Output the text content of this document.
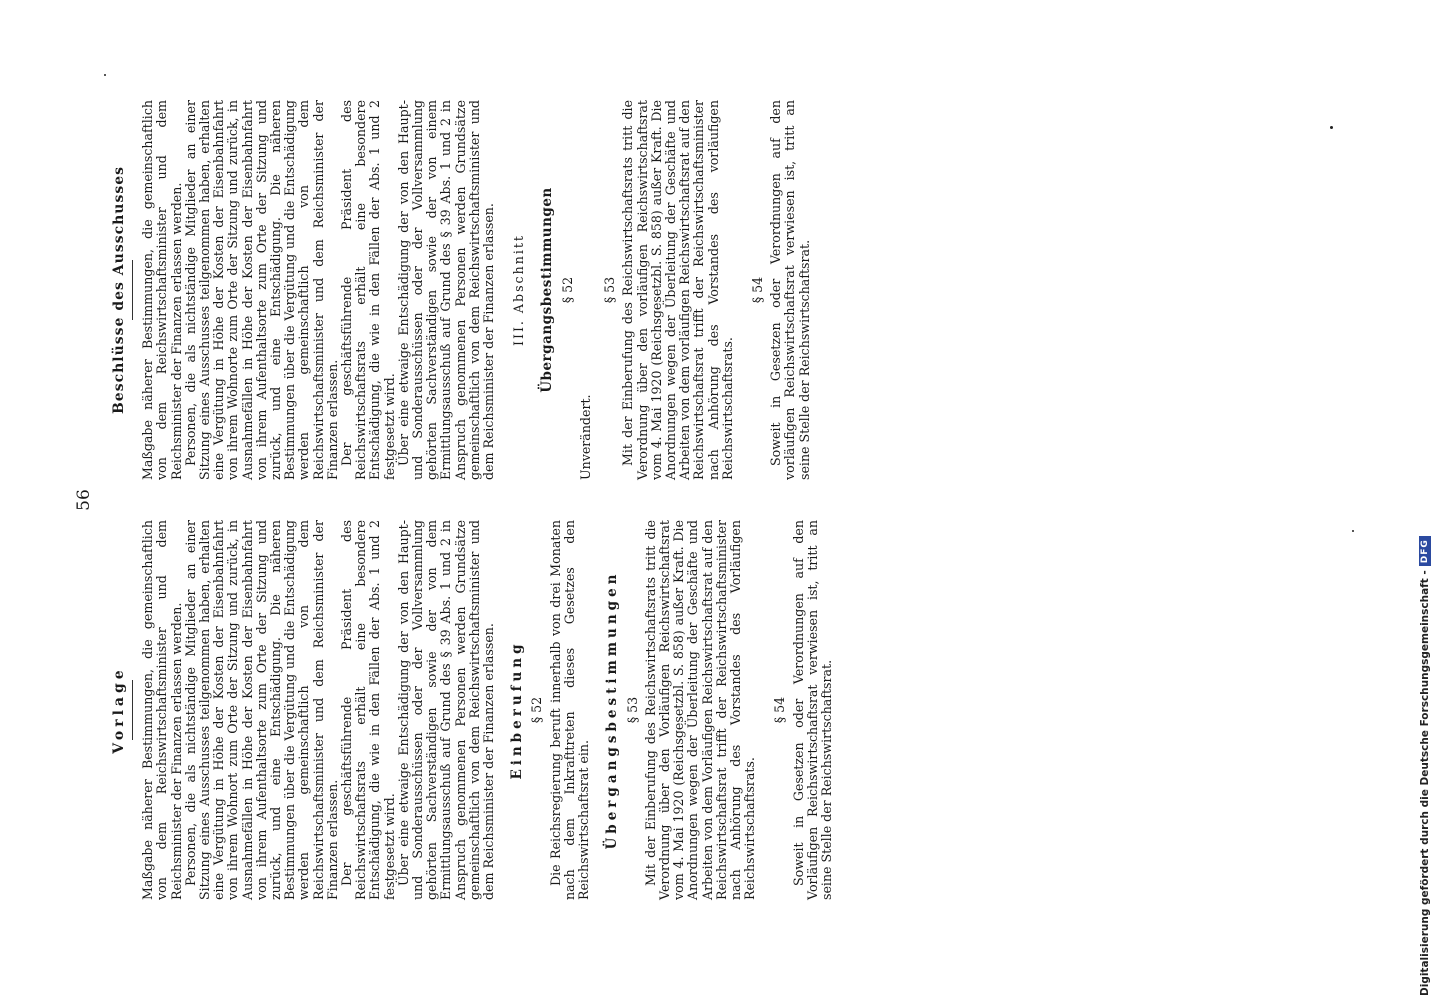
56
Vorlage Maßgabe näherer Bestimmungen, die gemeinschaftlich von dem Reichswirtschaftsminister und dem Reichsminister der Finanzen erlassen werden. Personen, die als nichtständige Mitglieder an einer Sitzung eines Ausschusses teilgenommen haben, erhalten eine Vergütung in Höhe der Kosten der Eisenbahnfahrt von ihrem Wohnort zum Orte der Sitzung und zurück, in Ausnahmefällen in Höhe der Kosten der Eisenbahnfahrt von ihrem Aufenthaltsorte zum Orte der Sitzung und zurück, und eine Entschädigung. Die näheren Bestimmungen über die Vergütung und die Entschädigung werden gemeinschaftlich von dem Reichswirtschaftsminister und dem Reichsminister der Finanzen erlassen. Der geschäftsführende Präsident des Reichswirtschaftsrats erhält eine besondere Entschädigung, die wie in den Fällen der Abs. 1 und 2 festgesetzt wird. Über eine etwaige Entschädigung der von den Haupt- und Sonderausschüssen oder der Vollversammlung gehörten Sachverständigen sowie der von dem Ermittlungsausschuß auf Grund des § 39 Abs. 1 und 2 in Anspruch genommenen Personen werden Grundsätze gemeinschaftlich von dem Reichswirtschaftsminister und dem Reichsminister der Finanzen erlassen. Einberufung § 52 Die Reichsregierung beruft innerhalb von drei Monaten nach dem Inkrafttreten dieses Gesetzes den Reichswirtschaftsrat ein. Übergangsbestimmungen § 53 Mit der Einberufung des Reichswirtschaftsrats tritt die Verordnung über den Vorläufigen Reichswirtschaftsrat vom 4. Mai 1920 (Reichsgesetzbl. S. 858) außer Kraft. Die Anordnungen wegen der Überleitung der Geschäfte und Arbeiten von dem Vorläufigen Reichswirtschaftsrat auf den Reichswirtschaftsrat trifft der Reichswirtschaftsminister nach Anhörung des Vorstandes des Vorläufigen Reichswirtschaftsrats.

§ 54 Soweit in Gesetzen oder Verordnungen auf den Vorläufigen Reichswirtschaftsrat verwiesen ist, tritt an seine Stelle der Reichswirtschaftsrat.

Beschlüsse des Ausschusses Maßgabe näherer Bestimmungen, die gemeinschaftlich von dem Reichswirtschaftsminister und dem Reichsminister der Finanzen erlassen werden. Personen, die als nichtständige Mitglieder an einer Sitzung eines Ausschusses teilgenommen haben, erhalten eine Vergütung in Höhe der Kosten der Eisenbahnfahrt von ihrem Wohnorte zum Orte der Sitzung und zurück, in Ausnahmefällen in Höhe der Kosten der Eisenbahnfahrt von ihrem Aufenthaltsorte zum Orte der Sitzung und zurück, und eine Entschädigung. Die näheren Bestimmungen über die Vergütung und die Entschädigung werden gemeinschaftlich von dem Reichswirtschaftsminister und dem Reichsminister der Finanzen erlassen. Der geschäftsführende Präsident des Reichswirtschaftsrats erhält eine besondere Entschädigung, die wie in den Fällen der Abs. 1 und 2 festgesetzt wird. Über eine etwaige Entschädigung der von den Haupt- und Sonderausschüssen oder der Vollversammlung gehörten Sachverständigen sowie der von einem Ermittlungsausschuß auf Grund des § 39 Abs. 1 und 2 in Anspruch genommenen Personen werden Grundsätze gemeinschaftlich von dem Reichswirtschaftsminister und dem Reichsminister der Finanzen erlassen. III. Abschnitt Übergangsbestimmungen § 52

Unverändert.

§ 53 Mit der Einberufung des Reichswirtschaftsrats tritt die Verordnung über den vorläufigen Reichswirtschaftsrat vom 4. Mai 1920 (Reichsgesetzbl. S. 858) außer Kraft. Die Anordnungen wegen der Überleitung der Geschäfte und Arbeiten von dem vorläufigen Reichswirtschaftsrat auf den Reichswirtschaftsrat trifft der Reichswirtschaftsminister nach Anhörung des Vorstandes des vorläufigen Reichswirtschaftsrats.

§ 54 Soweit in Gesetzen oder Verordnungen auf den vorläufigen Reichswirtschaftsrat verwiesen ist, tritt an seine Stelle der Reichswirtschaftsrat.

Digitalisierung gefördert durch die Deutsche Forschungsgemeinschaft -
DFG
